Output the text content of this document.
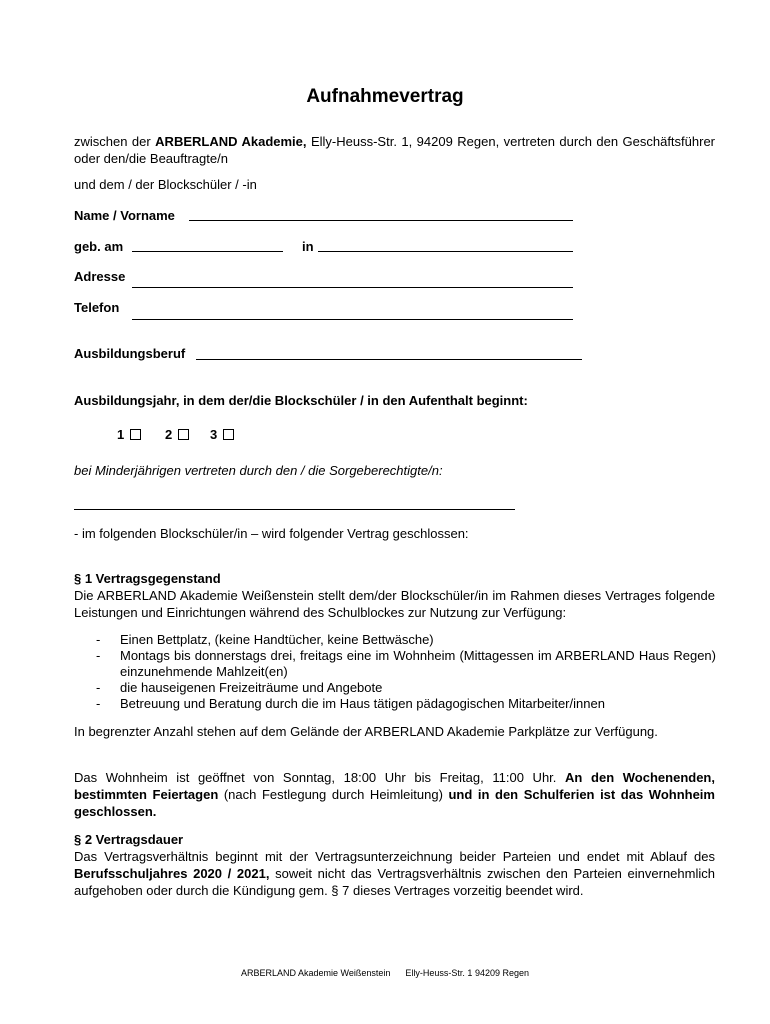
Aufnahmevertrag
zwischen der ARBERLAND Akademie, Elly-Heuss-Str. 1, 94209 Regen, vertreten durch den Geschäftsführer oder den/die Beauftragte/n
und dem / der Blockschüler / -in
Name / Vorname
geb. am	in
Adresse
Telefon
Ausbildungsberuf
Ausbildungsjahr, in dem der/die Blockschüler / in den Aufenthalt beginnt:
1	2	3
bei Minderjährigen vertreten durch den / die Sorgeberechtigte/n:
- im folgenden Blockschüler/in – wird folgender Vertrag geschlossen:
§ 1 Vertragsgegenstand
Die ARBERLAND Akademie Weißenstein stellt dem/der Blockschüler/in im Rahmen dieses Vertrages folgende Leistungen und Einrichtungen während des Schulblockes zur Nutzung zur Verfügung:
-	Einen Bettplatz, (keine Handtücher, keine Bettwäsche)
-	Montags bis donnerstags drei, freitags eine im Wohnheim (Mittagessen im ARBERLAND Haus Regen) einzunehmende Mahlzeit(en)
-	die hauseigenen Freizeiträume und Angebote
-	Betreuung und Beratung durch die im Haus tätigen pädagogischen Mitarbeiter/innen
In begrenzter Anzahl stehen auf dem Gelände der ARBERLAND Akademie Parkplätze zur Verfügung.
Das Wohnheim ist geöffnet von Sonntag, 18:00 Uhr bis Freitag, 11:00 Uhr. An den Wochenenden, bestimmten Feiertagen (nach Festlegung durch Heimleitung) und in den Schulferien ist das Wohnheim geschlossen.
§ 2 Vertragsdauer
Das Vertragsverhältnis beginnt mit der Vertragsunterzeichnung beider Parteien und endet mit Ablauf des Berufsschuljahres 2020 / 2021, soweit nicht das Vertragsverhältnis zwischen den Parteien einvernehmlich aufgehoben oder durch die Kündigung gem. § 7 dieses Vertrages vorzeitig beendet wird.
ARBERLAND Akademie Weißenstein Elly-Heuss-Str. 1 94209 Regen
